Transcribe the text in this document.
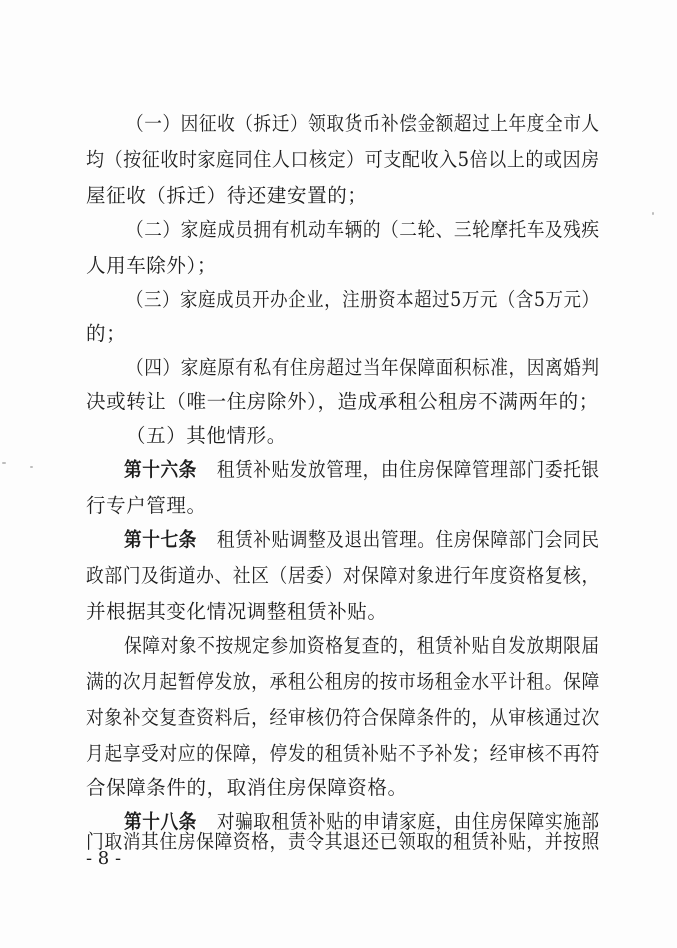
（一）因征收（拆迁）领取货币补偿金额超过上年度全市人
均（按征收时家庭同住人口核定）可支配收入5倍以上的或因房
屋征收（拆迁）待还建安置的；
（二）家庭成员拥有机动车辆的（二轮、三轮摩托车及残疾
人用车除外）；
（三）家庭成员开办企业，注册资本超过5万元（含5万元）
的；
（四）家庭原有私有住房超过当年保障面积标准，因离婚判
决或转让（唯一住房除外），造成承租公租房不满两年的；
（五）其他情形。
第十六条 租赁补贴发放管理，由住房保障管理部门委托银
行专户管理。
第十七条 租赁补贴调整及退出管理。住房保障部门会同民
政部门及街道办、社区（居委）对保障对象进行年度资格复核，
并根据其变化情况调整租赁补贴。
保障对象不按规定参加资格复查的，租赁补贴自发放期限届
满的次月起暂停发放，承租公租房的按市场租金水平计租。保障
对象补交复查资料后，经审核仍符合保障条件的，从审核通过次
月起享受对应的保障，停发的租赁补贴不予补发；经审核不再符
合保障条件的，取消住房保障资格。
第十八条 对骗取租赁补贴的申请家庭，由住房保障实施部
门取消其住房保障资格，责令其退还已领取的租赁补贴，并按照
- 8 -
